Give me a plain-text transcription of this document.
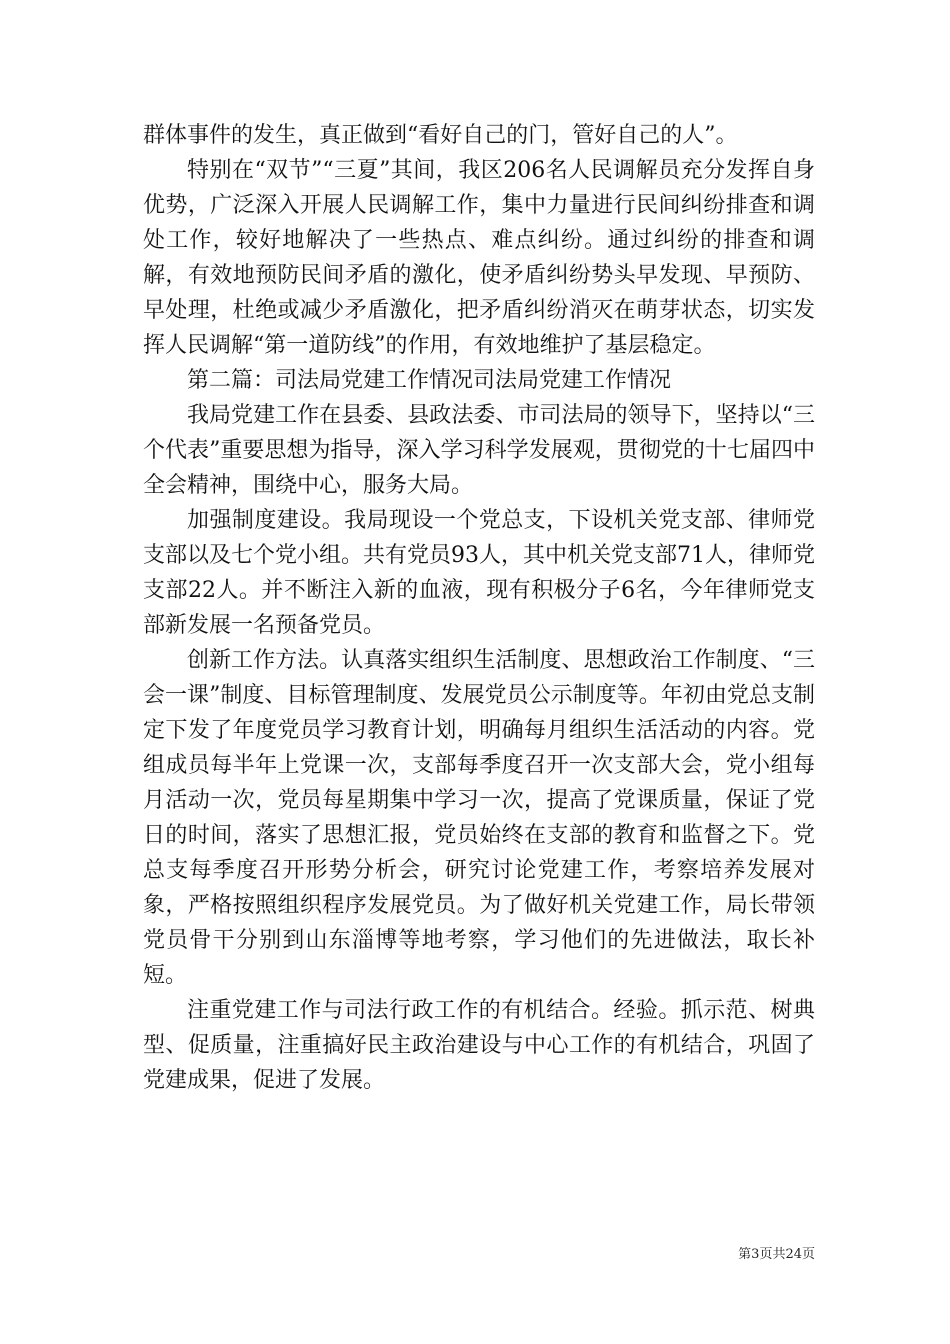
群体事件的发生，真正做到“看好自己的门，管好自己的人”。

特别在“双节”“三夏”其间，我区206名人民调解员充分发挥自身优势，广泛深入开展人民调解工作，集中力量进行民间纠纷排查和调处工作，较好地解决了一些热点、难点纠纷。通过纠纷的排查和调解，有效地预防民间矛盾的激化，使矛盾纠纷势头早发现、早预防、早处理，杜绝或减少矛盾激化，把矛盾纠纷消灭在萌芽状态，切实发挥人民调解“第一道防线”的作用，有效地维护了基层稳定。

第二篇：司法局党建工作情况司法局党建工作情况

我局党建工作在县委、县政法委、市司法局的领导下，坚持以“三个代表”重要思想为指导，深入学习科学发展观，贯彻党的十七届四中全会精神，围绕中心，服务大局。

加强制度建设。我局现设一个党总支，下设机关党支部、律师党支部以及七个党小组。共有党员93人，其中机关党支部71人，律师党支部22人。并不断注入新的血液，现有积极分子6名，今年律师党支部新发展一名预备党员。

创新工作方法。认真落实组织生活制度、思想政治工作制度、“三会一课”制度、目标管理制度、发展党员公示制度等。年初由党总支制定下发了年度党员学习教育计划，明确每月组织生活活动的内容。党组成员每半年上党课一次，支部每季度召开一次支部大会，党小组每月活动一次，党员每星期集中学习一次，提高了党课质量，保证了党日的时间，落实了思想汇报，党员始终在支部的教育和监督之下。党总支每季度召开形势分析会，研究讨论党建工作，考察培养发展对象，严格按照组织程序发展党员。为了做好机关党建工作，局长带领党员骨干分别到山东淄博等地考察，学习他们的先进做法，取长补短。

注重党建工作与司法行政工作的有机结合。经验。抓示范、树典型、促质量，注重搞好民主政治建设与中心工作的有机结合，巩固了党建成果，促进了发展。

第3页共24页
